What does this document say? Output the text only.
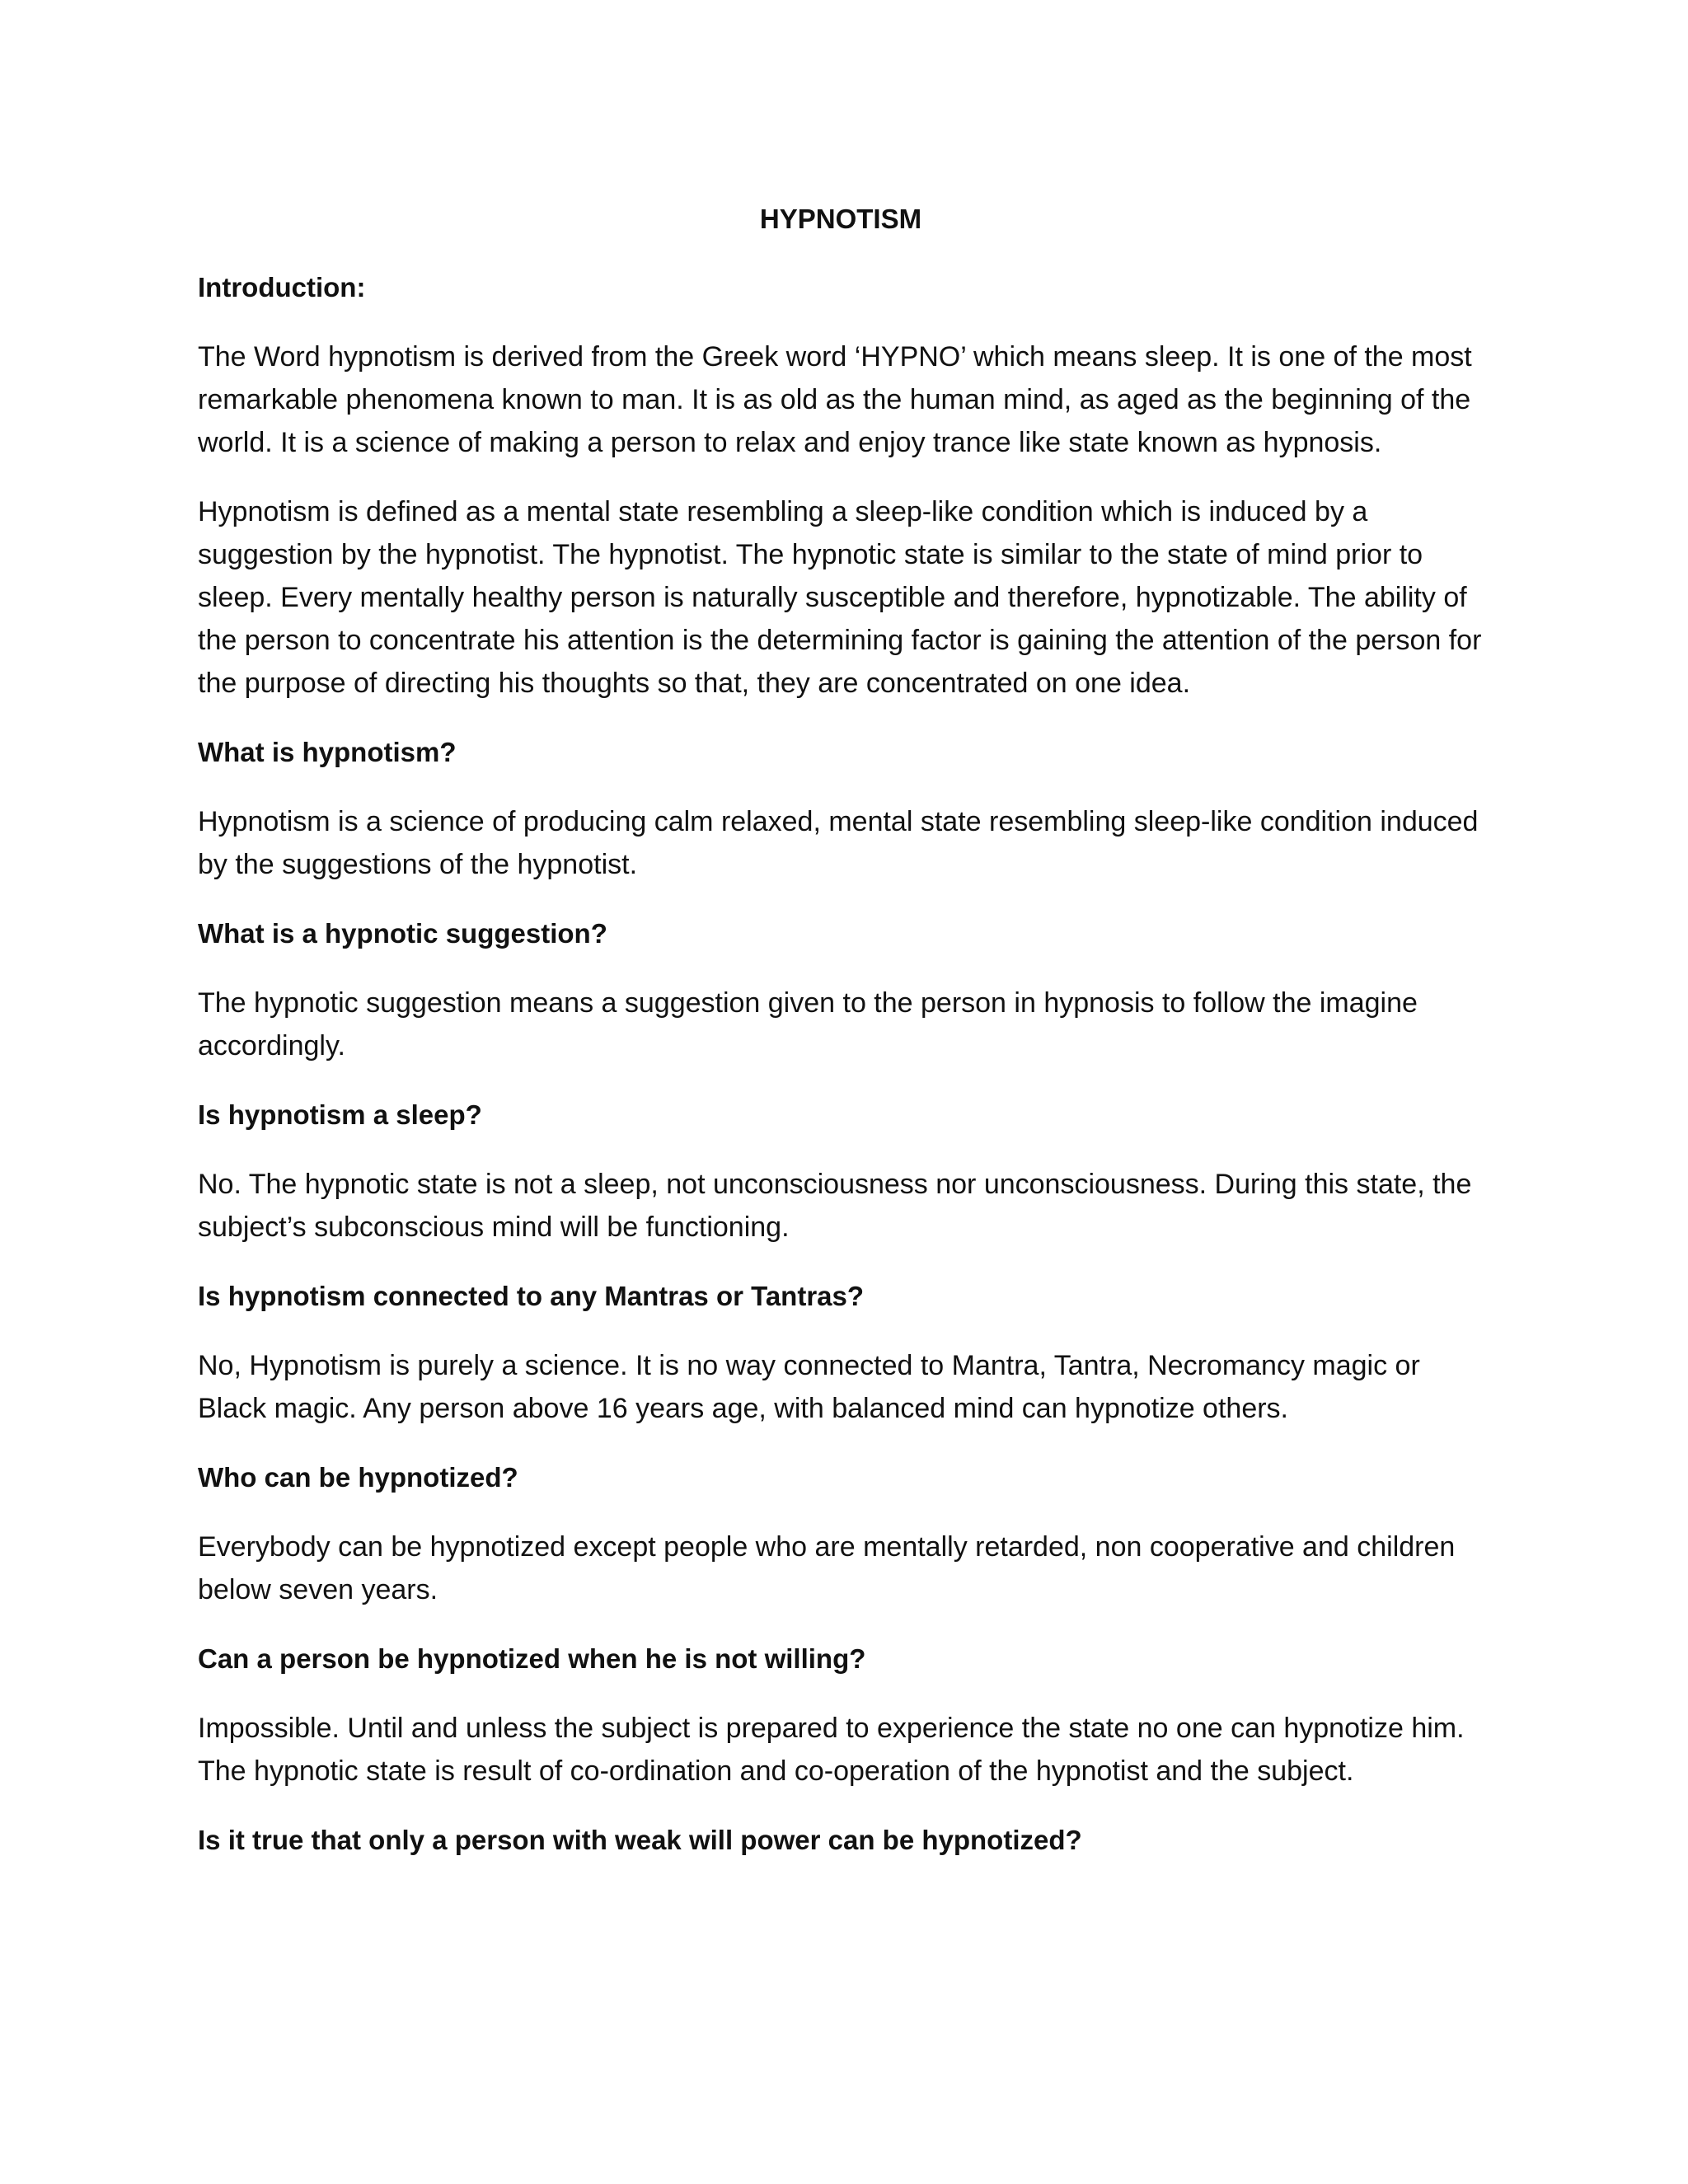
HYPNOTISM
Introduction:

The Word hypnotism is derived from the Greek word ‘HYPNO’ which means sleep. It is one of the most remarkable phenomena known to man. It is as old as the human mind, as aged as the beginning of the world. It is a science of making a person to relax and enjoy trance like state known as hypnosis.

Hypnotism is defined as a mental state resembling a sleep-like condition which is induced by a suggestion by the hypnotist. The hypnotist. The hypnotic state is similar to the state of mind prior to sleep. Every mentally healthy person is naturally susceptible and therefore, hypnotizable. The ability of the person to concentrate his attention is the determining factor is gaining the attention of the person for the purpose of directing his thoughts so that, they are concentrated on one idea.

What is hypnotism?

Hypnotism is a science of producing calm relaxed, mental state resembling sleep-like condition induced by the suggestions of the hypnotist.

What is a hypnotic suggestion?

The hypnotic suggestion means a suggestion given to the person in hypnosis to follow the imagine accordingly.

Is hypnotism a sleep?

No. The hypnotic state is not a sleep, not unconsciousness nor unconsciousness. During this state, the subject’s subconscious mind will be functioning.

Is hypnotism connected to any Mantras or Tantras?

No, Hypnotism is purely a science. It is no way connected to Mantra, Tantra, Necromancy magic or Black magic. Any person above 16 years age, with balanced mind can hypnotize others.

Who can be hypnotized?

Everybody can be hypnotized except people who are mentally retarded, non cooperative and children below seven years.

Can a person be hypnotized when he is not willing?

Impossible. Until and unless the subject is prepared to experience the state no one can hypnotize him. The hypnotic state is result of co-ordination and co-operation of the hypnotist and the subject.

Is it true that only a person with weak will power can be hypnotized?
